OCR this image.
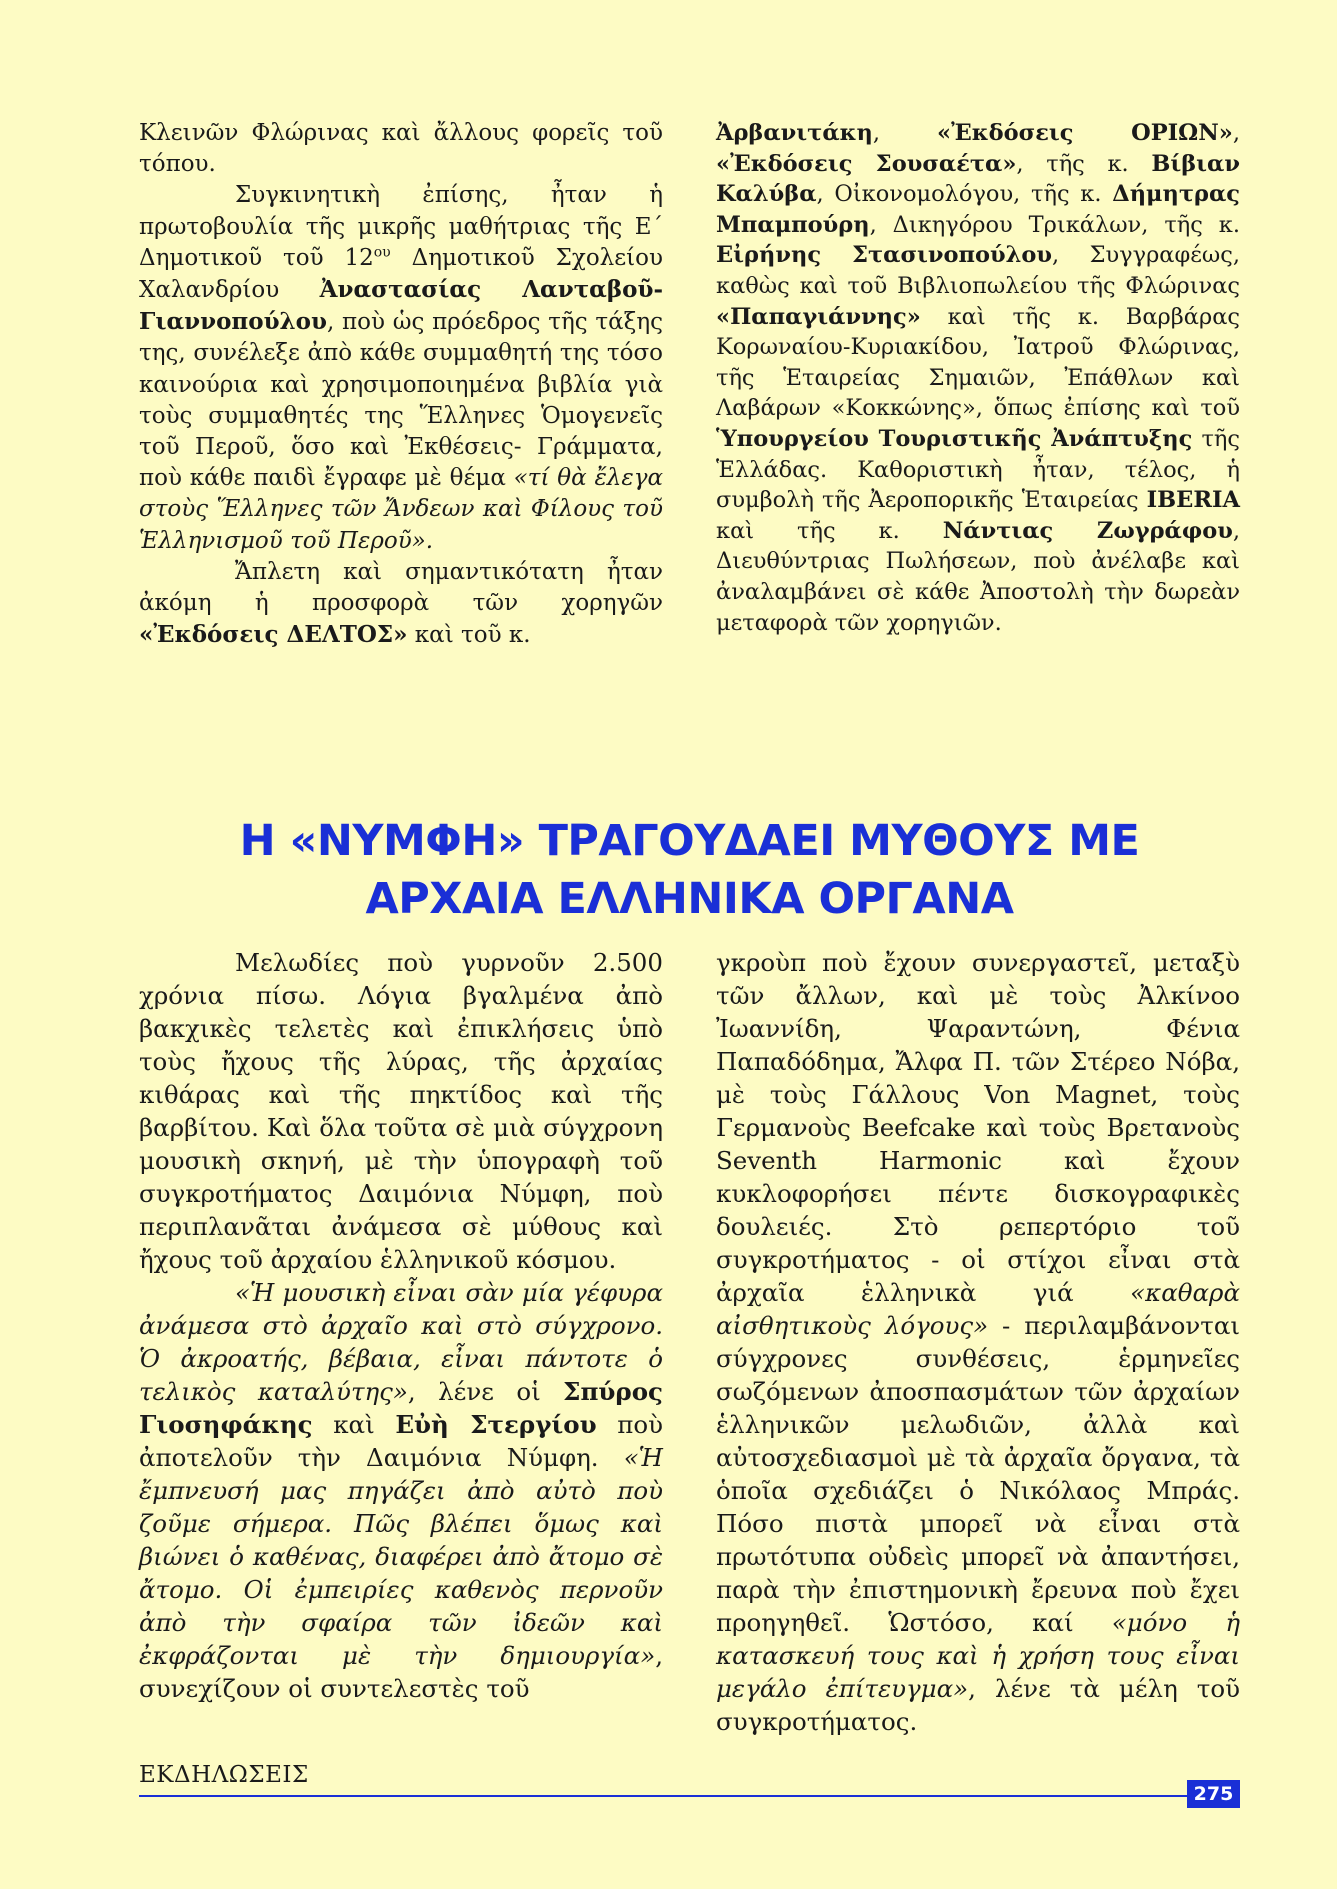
Κλεινῶν Φλώρινας καὶ ἄλλους φορεῖς τοῦ τόπου.

Συγκινητικὴ ἐπίσης, ἦταν ἡ πρωτοβουλία τῆς μικρῆς μαθήτριας τῆς Ε΄ Δημοτικοῦ τοῦ $12^{o\upsilon}$ Δημοτικοῦ Σχολείου Χαλανδρίου Ἀναστασίας Λανταβοῦ- Γιαννοπούλου, ποὺ ὡς πρόεδρος τῆς τάξης της, συνέλεξε ἀπὸ κάθε συμμαθητή της τόσο καινούρια καὶ χρησιμοποιημένα βιβλία γιὰ τοὺς συμμαθητές της Ἕλληνες Ὁμογενεῖς τοῦ Περοῦ, ὅσο καὶ Ἐκθέσεις- Γράμματα, ποὺ κάθε παιδὶ ἔγραφε μὲ θέμα «τί θὰ ἔλεγα στοὺς Ἕλληνες τῶν Ἄνδεων καὶ Φίλους τοῦ Ἑλληνισμοῦ τοῦ Περοῦ».

Ἄπλετη καὶ σημαντικότατη ἦταν ἀκόμη ἡ προσφορὰ τῶν χορηγῶν «Ἐκδόσεις ΔΕΛΤΟΣ» καὶ τοῦ κ.

Ἀρβανιτάκη, «Ἐκδόσεις ΟΡΙΩΝ», «Ἐκδόσεις Σουσαέτα», τῆς κ. Βίβιαν Καλύβα, Οἰκονομολόγου, τῆς κ. Δήμητρας Μπαμπούρη, Δικηγόρου Τρικάλων, τῆς κ. Εἰρήνης Στασινοπούλου, Συγγραφέως, καθὼς καὶ τοῦ Βιβλιοπωλείου τῆς Φλώρινας «Παπαγιάννης» καὶ τῆς κ. Βαρβάρας Κορωναίου-Κυριακίδου, Ἰατροῦ Φλώρινας, τῆς Ἑταιρείας Σημαιῶν, Ἐπάθλων καὶ Λαβάρων «Κοκκώνης», ὅπως ἐπίσης καὶ τοῦ Ὑπουργείου Τουριστικῆς Ἀνάπτυξης τῆς Ἑλλάδας. Καθοριστικὴ ἦταν, τέλος, ἡ συμβολὴ τῆς Ἀεροπορικῆς Ἑταιρείας IBERIA καὶ τῆς κ. Νάντιας Ζωγράφου, Διευθύντριας Πωλήσεων, ποὺ ἀνέλαβε καὶ ἀναλαμβάνει σὲ κάθε Ἀποστολὴ τὴν δωρεὰν μεταφορὰ τῶν χορηγιῶν.

Η «ΝΥΜΦΗ» ΤΡΑΓΟΥΔΑΕΙ ΜΥΘΟΥΣ ΜΕ
ΑΡΧΑΙΑ ΕΛΛΗΝΙΚΑ ΟΡΓΑΝΑ

Μελωδίες ποὺ γυρνοῦν 2.500 χρόνια πίσω. Λόγια βγαλμένα ἀπὸ βακχικὲς τελετὲς καὶ ἐπικλήσεις ὑπὸ τοὺς ἤχους τῆς λύρας, τῆς ἀρχαίας κιθάρας καὶ τῆς πηκτίδος καὶ τῆς βαρβίτου. Καὶ ὅλα τοῦτα σὲ μιὰ σύγχρονη μουσικὴ σκηνή, μὲ τὴν ὑπογραφὴ τοῦ συγκροτήματος Δαιμόνια Νύμφη, ποὺ περιπλανᾶται ἀνάμεσα σὲ μύθους καὶ ἤχους τοῦ ἀρχαίου ἑλληνικοῦ κόσμου.

«Ἡ μουσικὴ εἶναι σὰν μία γέφυρα ἀνάμεσα στὸ ἀρχαῖο καὶ στὸ σύγχρονο. Ὁ ἀκροατής, βέβαια, εἶναι πάντοτε ὁ τελικὸς καταλύτης», λένε οἱ Σπύρος Γιοσηφάκης καὶ Εὐὴ Στεργίου ποὺ ἀποτελοῦν τὴν Δαιμόνια Νύμφη. «Ἡ ἔμπνευσή μας πηγάζει ἀπὸ αὐτὸ ποὺ ζοῦμε σήμερα. Πῶς βλέπει ὅμως καὶ βιώνει ὁ καθένας, διαφέρει ἀπὸ ἄτομο σὲ ἄτομο. Οἱ ἐμπειρίες καθενὸς περνοῦν ἀπὸ τὴν σφαίρα τῶν ἰδεῶν καὶ ἐκφράζονται μὲ τὴν δημιουργία», συνεχίζουν οἱ συντελεστὲς τοῦ

γκροὺπ ποὺ ἔχουν συνεργαστεῖ, μεταξὺ τῶν ἄλλων, καὶ μὲ τοὺς Ἀλκίνοο Ἰωαννίδη, Ψαραντώνη, Φένια Παπαδόδημα, Ἄλφα Π. τῶν Στέρεο Νόβα, μὲ τοὺς Γάλλους Von Magnet, τοὺς Γερμανοὺς Beefcake καὶ τοὺς Βρετανοὺς Seventh Harmonic καὶ ἔχουν κυκλοφορήσει πέντε δισκογραφικὲς δουλειές. Στὸ ρεπερτόριο τοῦ συγκροτήματος - οἱ στίχοι εἶναι στὰ ἀρχαῖα ἑλληνικὰ γιά «καθαρὰ αἰσθητικοὺς λόγους» - περιλαμβάνονται σύγχρονες συνθέσεις, ἑρμηνεῖες σωζόμενων ἀποσπασμάτων τῶν ἀρχαίων ἑλληνικῶν μελωδιῶν, ἀλλὰ καὶ αὐτοσχεδιασμοὶ μὲ τὰ ἀρχαῖα ὄργανα, τὰ ὁποῖα σχεδιάζει ὁ Νικόλαος Μπράς. Πόσο πιστὰ μπορεῖ νὰ εἶναι στὰ πρωτότυπα οὐδεὶς μπορεῖ νὰ ἀπαντήσει, παρὰ τὴν ἐπιστημονικὴ ἔρευνα ποὺ ἔχει προηγηθεῖ. Ὡστόσο, καί «μόνο ἡ κατασκευή τους καὶ ἡ χρήση τους εἶναι μεγάλο ἐπίτευγμα», λένε τὰ μέλη τοῦ συγκροτήματος.

ΕΚΔΗΛΩΣΕΙΣ
275
